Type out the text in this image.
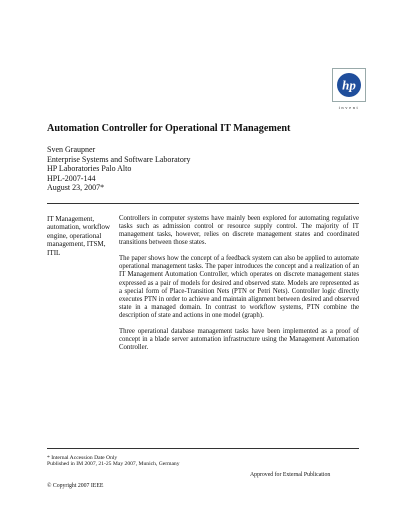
hp
invent
Automation Controller for Operational IT Management
Sven Graupner
Enterprise Systems and Software Laboratory
HP Laboratories Palo Alto
HPL-2007-144
August 23, 2007*
IT Management, automation, workflow engine, operational management, ITSM, ITIL

Controllers in computer systems have mainly been explored for automating regulative tasks such as admission control or resource supply control. The majority of IT management tasks, however, relies on discrete management states and coordinated transitions between those states.

The paper shows how the concept of a feedback system can also be applied to automate operational management tasks. The paper introduces the concept and a realization of an IT Management Automation Controller, which operates on discrete management states expressed as a pair of models for desired and observed state. Models are represented as a special form of Place-Transition Nets (PTN or Petri Nets). Controller logic directly executes PTN in order to achieve and maintain alignment between desired and observed state in a managed domain. In contrast to workflow systems, PTN combine the description of state and actions in one model (graph).

Three operational database management tasks have been implemented as a proof of concept in a blade server automation infrastructure using the Management Automation Controller.

* Internal Accession Date Only
Published in IM 2007, 21-25 May 2007, Munich, Germany
Approved for External Publication
© Copyright 2007 IEEE
